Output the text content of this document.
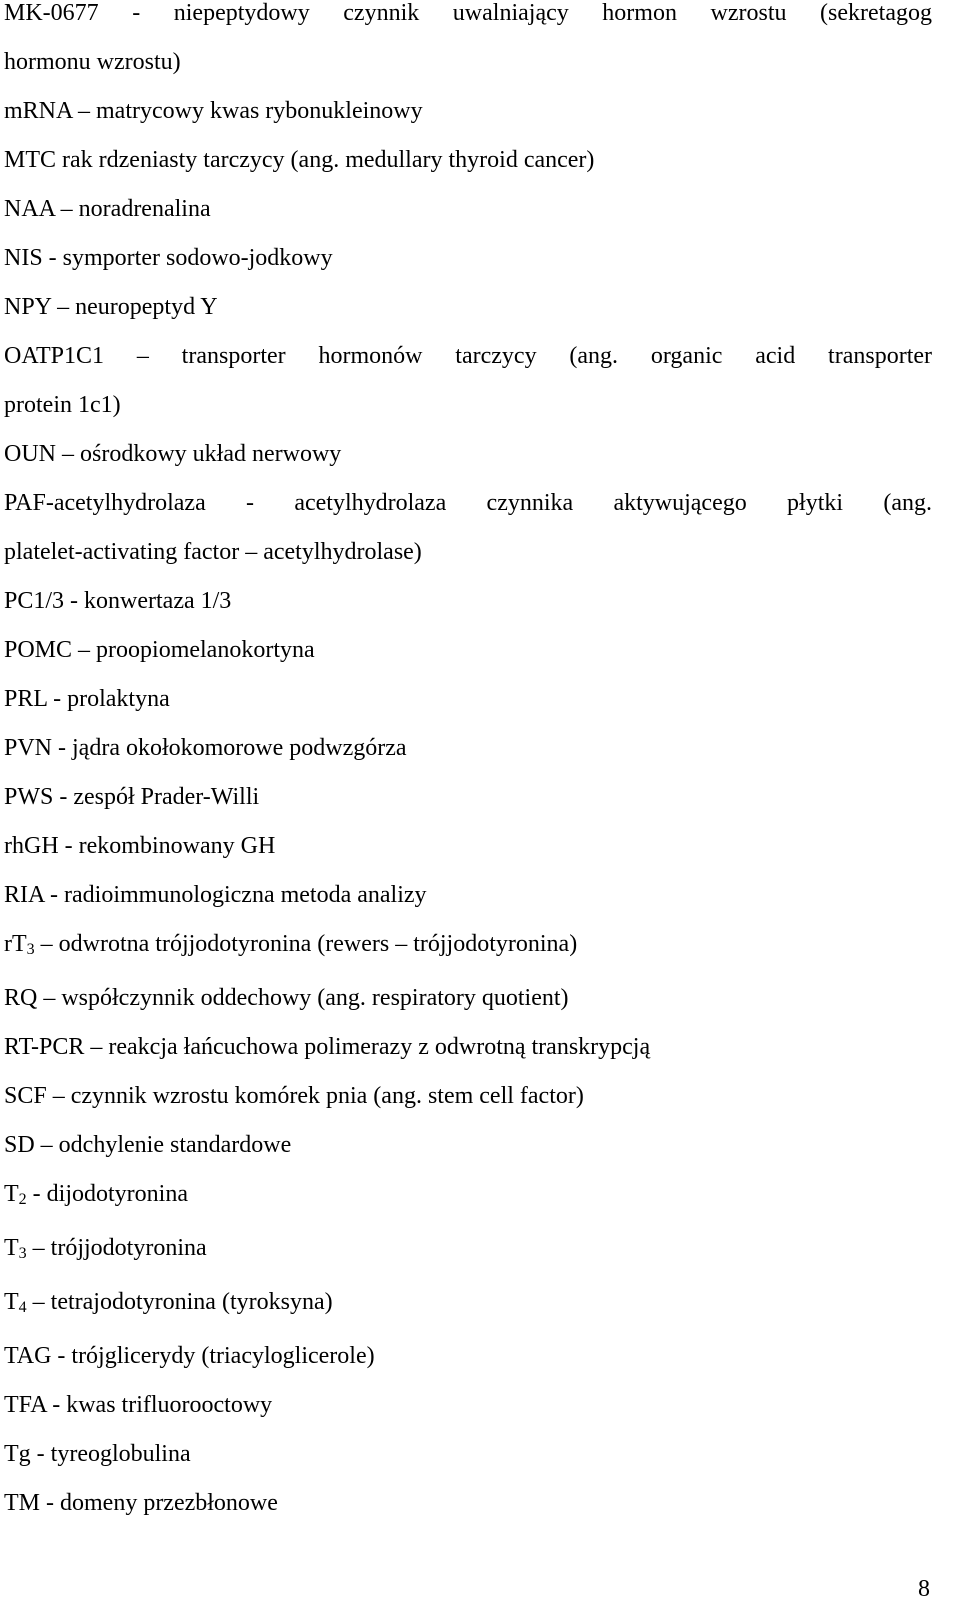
MK-0677 - niepeptydowy czynnik uwalniający hormon wzrostu (sekretagog
hormonu wzrostu)
mRNA – matrycowy kwas rybonukleinowy
MTC rak rdzeniasty tarczycy (ang. medullary thyroid cancer)
NAA – noradrenalina
NIS - symporter sodowo-jodkowy
NPY – neuropeptyd Y
OATP1C1 – transporter hormonów tarczycy (ang. organic acid transporter
protein 1c1)
OUN – ośrodkowy układ nerwowy
PAF-acetylhydrolaza - acetylhydrolaza czynnika aktywującego płytki (ang.
platelet-activating factor – acetylhydrolase)
PC1/3 - konwertaza 1/3
POMC – proopiomelanokortyna
PRL - prolaktyna
PVN - jądra okołokomorowe podwzgórza
PWS - zespół Prader-Willi
rhGH - rekombinowany GH
RIA - radioimmunologiczna metoda analizy
rT3 – odwrotna trójjodotyronina (rewers – trójjodotyronina)
RQ – współczynnik oddechowy (ang. respiratory quotient)
RT-PCR – reakcja łańcuchowa polimerazy z odwrotną transkrypcją
SCF – czynnik wzrostu komórek pnia (ang. stem cell factor)
SD – odchylenie standardowe
T2 - dijodotyronina
T3 – trójjodotyronina
T4 – tetrajodotyronina (tyroksyna)
TAG - trójglicerydy (triacyloglicerole)
TFA - kwas trifluorooctowy
Tg - tyreoglobulina
TM - domeny przezbłonowe
8
